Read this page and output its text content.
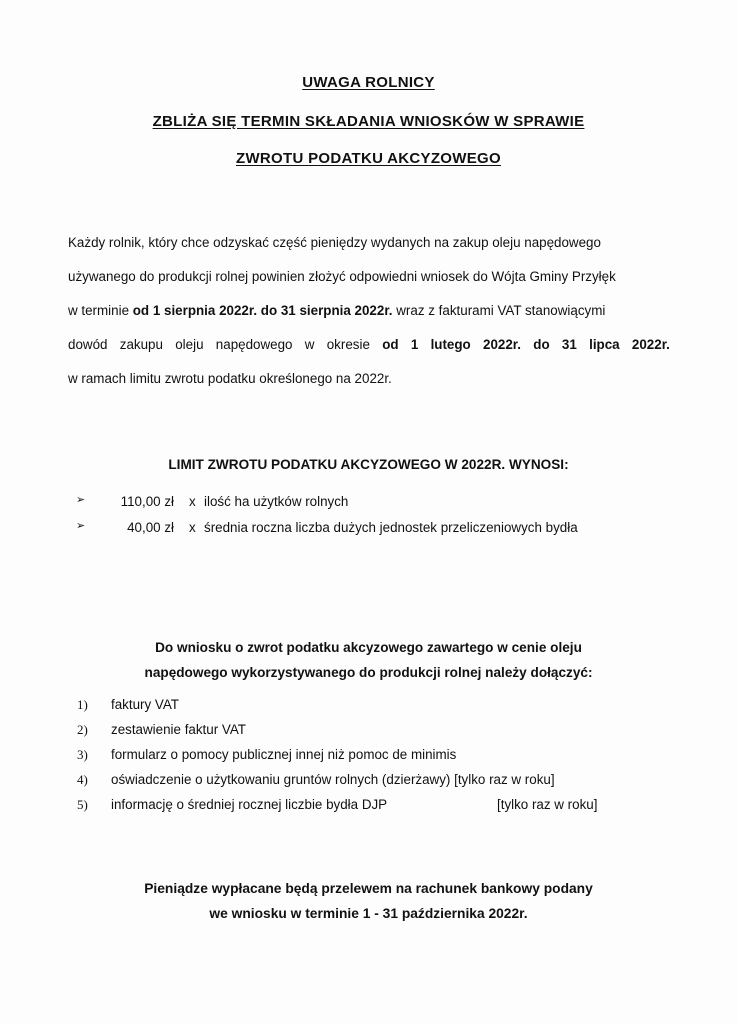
UWAGA ROLNICY
ZBLIŻA SIĘ TERMIN SKŁADANIA WNIOSKÓW W SPRAWIE
ZWROTU PODATKU AKCYZOWEGO
Każdy rolnik, który chce odzyskać część pieniędzy wydanych na zakup oleju napędowego
używanego do produkcji rolnej powinien złożyć odpowiedni wniosek do Wójta Gminy Przyłęk
w terminie od 1 sierpnia 2022r. do 31 sierpnia 2022r. wraz z fakturami VAT stanowiącymi
dowód zakupu oleju napędowego w okresie od 1 lutego 2022r. do 31 lipca 2022r.
w ramach limitu zwrotu podatku określonego na 2022r.
LIMIT ZWROTU PODATKU AKCYZOWEGO W 2022R. WYNOSI:
➢	110,00 zł x ilość ha użytków rolnych
➢	40,00 zł x średnia roczna liczba dużych jednostek przeliczeniowych bydła
Do wniosku o zwrot podatku akcyzowego zawartego w cenie oleju
napędowego wykorzystywanego do produkcji rolnej należy dołączyć:
1) faktury VAT
2) zestawienie faktur VAT
3) formularz o pomocy publicznej innej niż pomoc de minimis
4) oświadczenie o użytkowaniu gruntów rolnych (dzierżawy) [tylko raz w roku]
5) informację o średniej rocznej liczbie bydła DJP	[tylko raz w roku]
Pieniądze wypłacane będą przelewem na rachunek bankowy podany
we wniosku w terminie 1 - 31 października 2022r.
